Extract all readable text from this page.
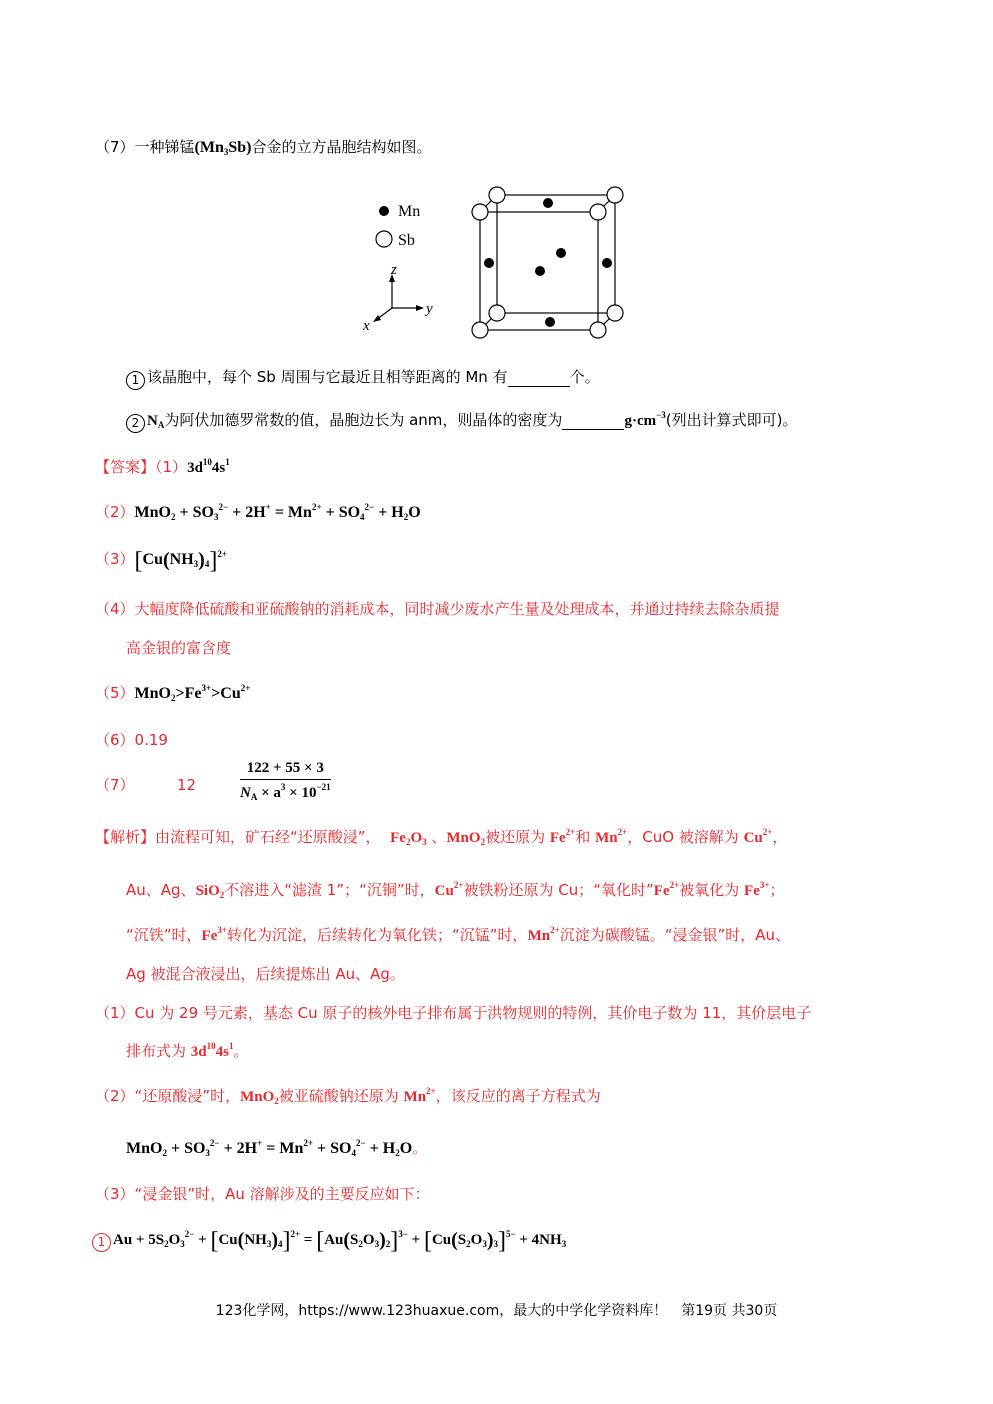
（7）一种锑锰$(Mn_3Sb)$合金的立方晶胞结构如图。
Mn
Sb
z
y
x
1 该晶胞中，每个 Sb 周围与它最近且相等距离的 Mn 有	个。
2 $N_A$为阿伏加德罗常数的值，晶胞边长为 anm，则晶体的密度为	$g\cdot cm^{-3}$(列出计算式即可)。
【答案】$(1)3d^{10}4s^1$
$(2)MnO_2 + SO_3^{2-} + 2H^+ = Mn^{2+} + SO_4^{2-} + H_2O$
$(3)[Cu(NH_3)_4]^{2+}$
（4）大幅度降低硫酸和亚硫酸钠的消耗成本，同时减少废水产生量及处理成本，并通过持续去除杂质提
高金银的富含度
$(5)MnO_2>Fe^{3+}>Cu^{2+}$
（6）0.19
（7）	12	$\frac{122 + 55 \times 3}{N_A \times a^3 \times 10^{-21}}$
【解析】由流程可知，矿石经“还原酸浸”，  $Fe_2O_3$ 、MnO$_2$被还原为 $Fe^{2+}$和 $Mn^{2+}$，CuO 被溶解为 $Cu^{2+}$，
Au、Ag、SiO$_2$不溶进入“滤渣 1”；“沉铜”时，$Cu^{2+}$被铁粉还原为 Cu；“氧化时$”Fe^{2+}$被氧化为 $Fe^{3+}$；
“沉铁”时，$Fe^{3+}$转化为沉淀，后续转化为氧化铁；“沉锰”时，$Mn^{2+}$沉淀为碳酸锰。“浸金银”时，Au、
Ag 被混合液浸出，后续提炼出 Au、Ag。
（1）Cu 为 29 号元素，基态 Cu 原子的核外电子排布属于洪物规则的特例，其价电子数为 11，其价层电子
排布式为 $3d^{10}4s^1$。
（2）“还原酸浸”时，MnO$_2$被亚硫酸钠还原为 $Mn^{2+}$，该反应的离子方程式为
$MnO_2 + SO_3^{2-} + 2H^+ = Mn^{2+} + SO_4^{2-} + H_2O$。
（3）“浸金银”时，Au 溶解涉及的主要反应如下：
1 $Au + 5S_2O_3^{2-} + [Cu(NH_3)_4]^{2+} = [Au(S_2O_3)_2]^{3-} + [Cu(S_2O_3)_3]^{5-} + 4NH_3$
123化学网，https://www.123huaxue.com，最大的中学化学资料库！　第19页 共30页
